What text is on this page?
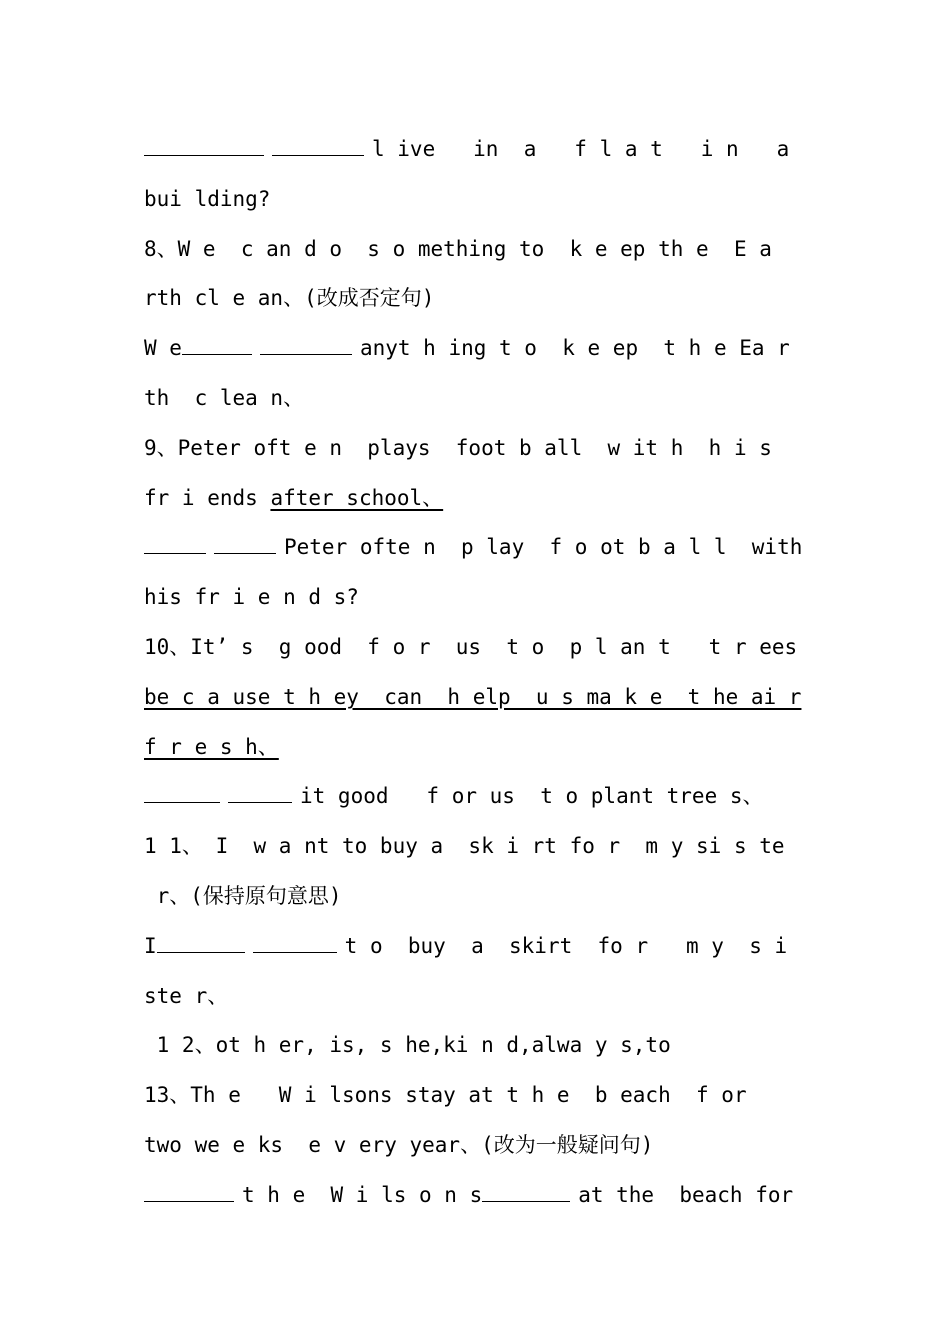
l ive   in  a   f l a t   i n   a
bui lding?
8、W e  c an d o  s o mething to  k e ep th e  E a
rth cl e an、(改成否定句)
W e	anyt h ing t o  k e ep  t h e Ea r
th  c lea n、
9、Peter oft e n  plays  foot b all  w it h  h i s
fr i ends after school、
Peter ofte n  p lay  f o ot b a l l  with
his fr i e n d s?
10、It’ s  g ood  f o r  us  t o  p l an t   t r ees
be c a use t h ey  can  h elp  u s ma k e  t he ai r
f r e s h、
it good   f or us  t o plant tree s、
1 1、 I  w a nt to buy a  sk i rt fo r  m y si s te
r、(保持原句意思)
I	t o  buy  a  skirt  fo r   m y  s i
ste r、
1 2、ot h er, is, s he,ki n d,alwa y s,to
13、Th e   W i lsons stay at t h e  b each  f or
two we e ks  e v ery year、(改为一般疑问句)
t h e  W i ls o n s	at the  beach for
